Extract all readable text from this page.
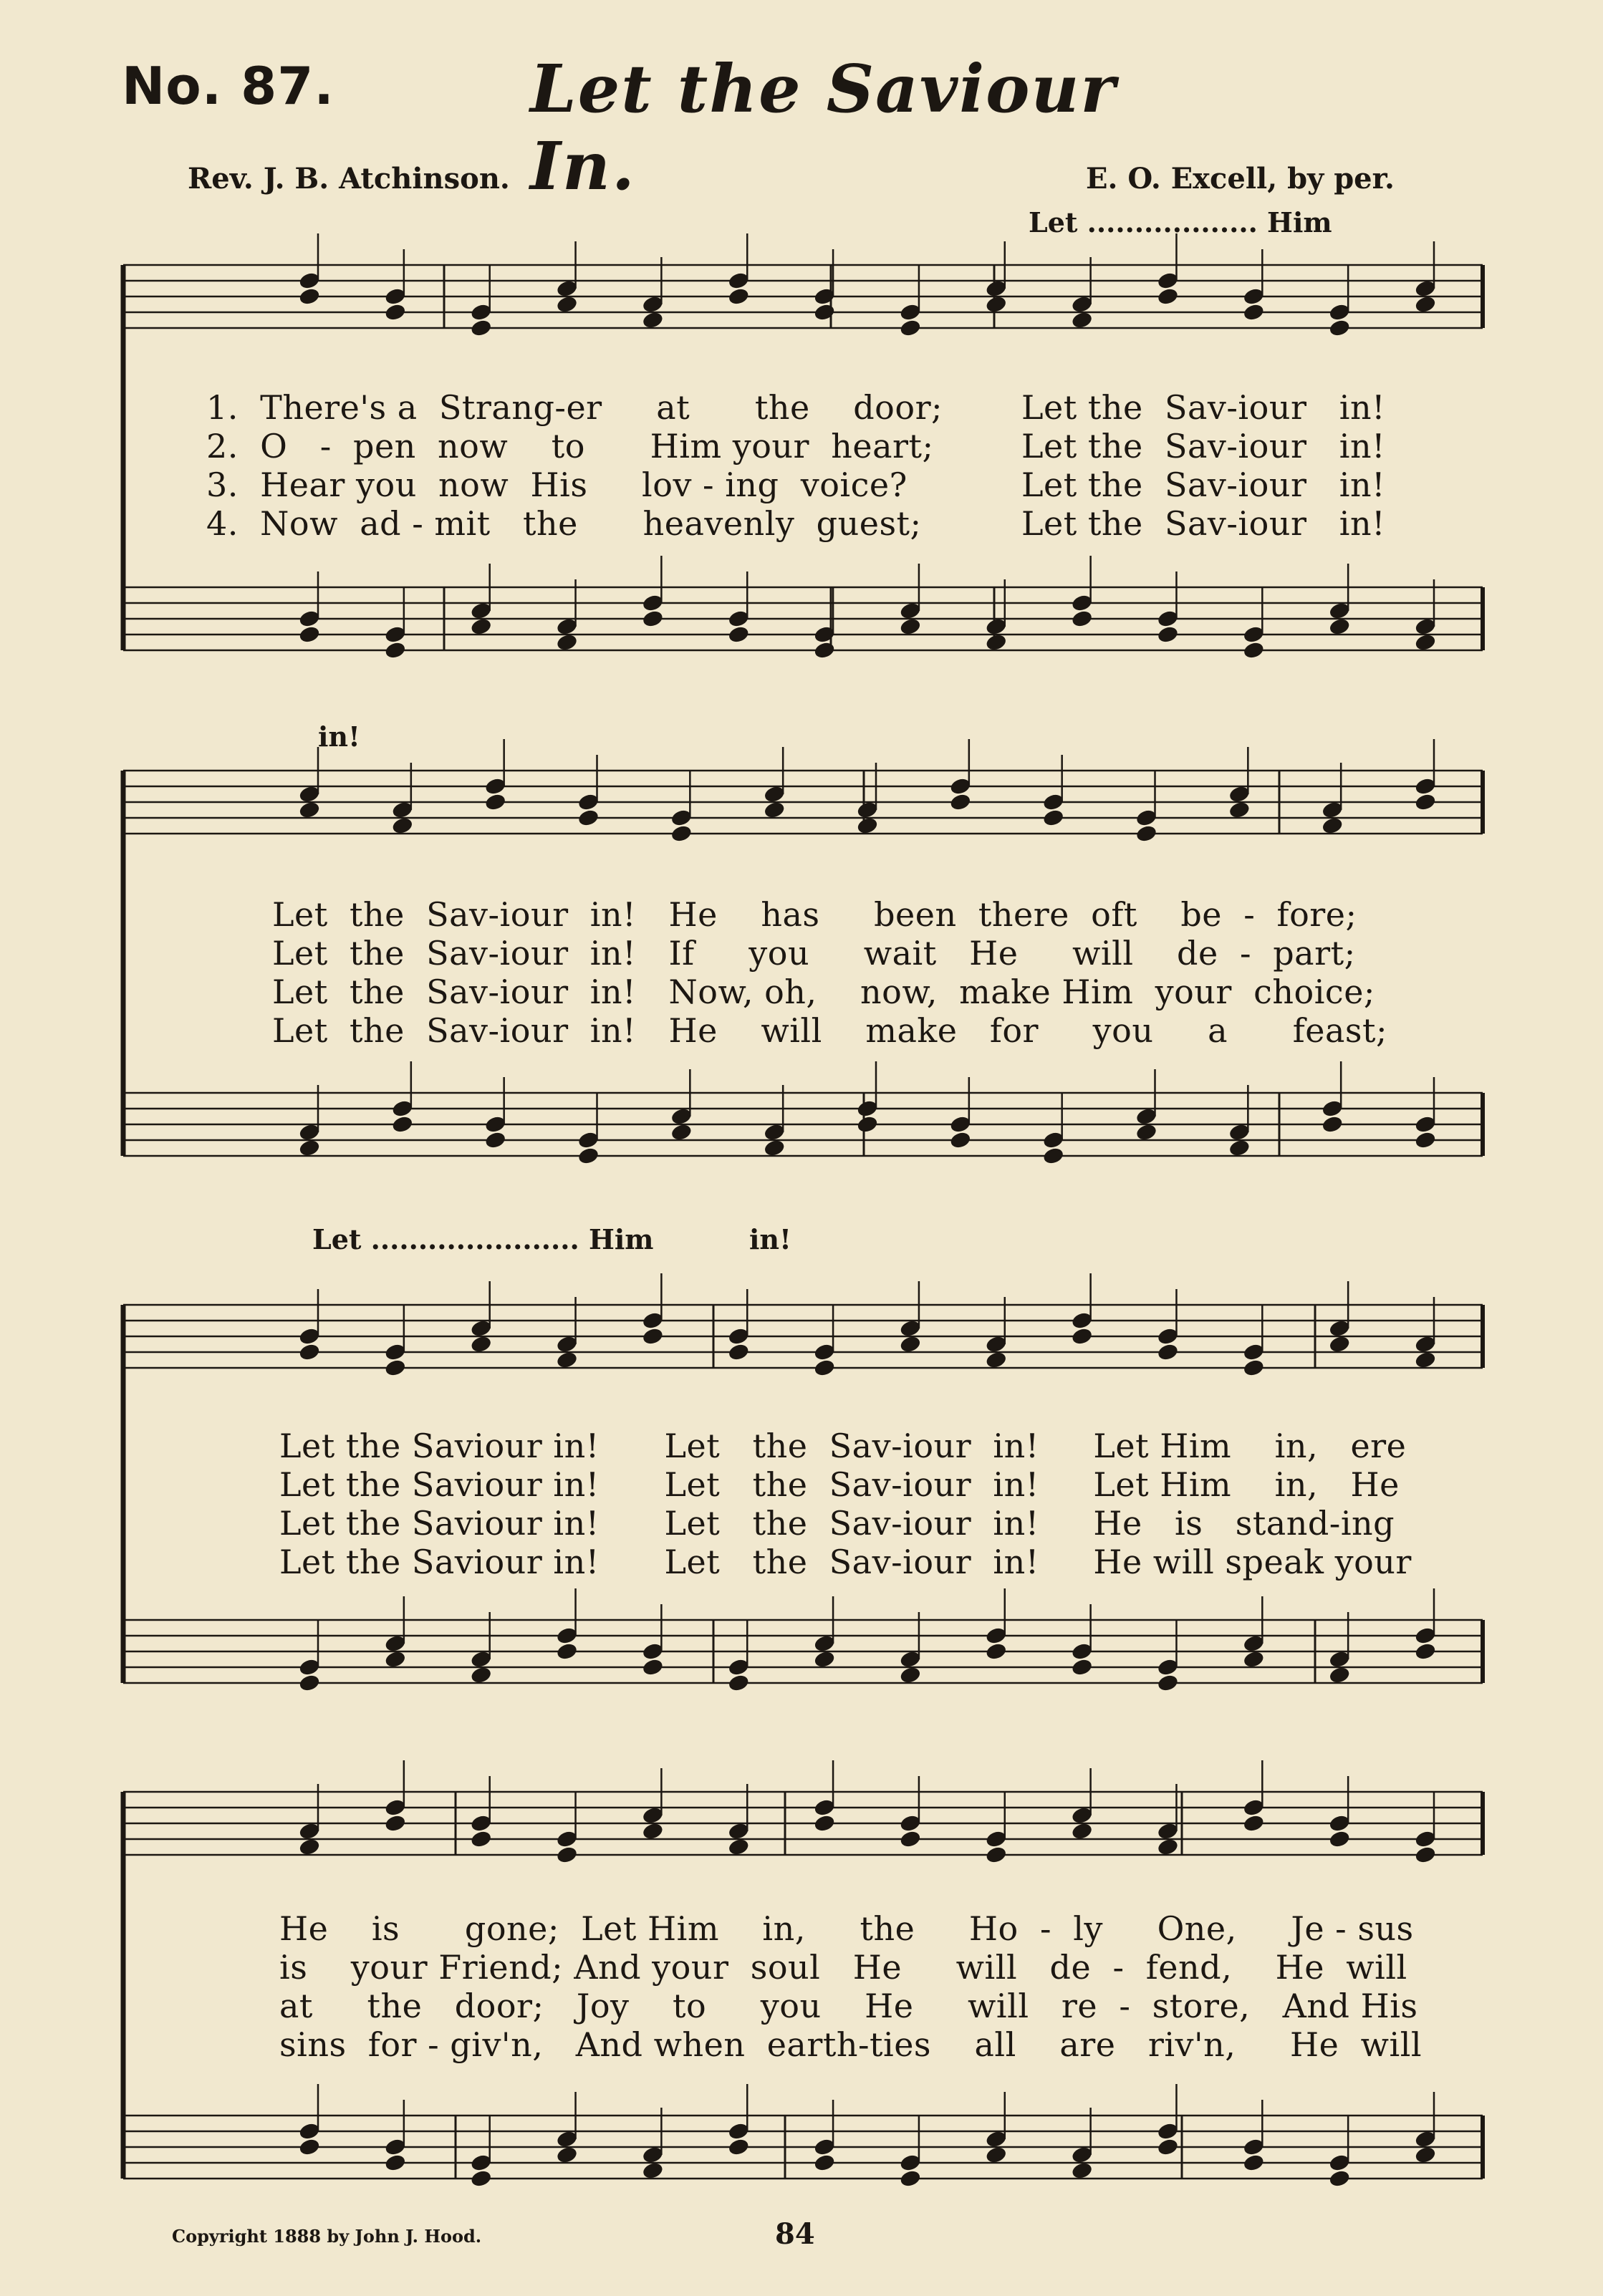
No. 87.	Let the Saviour In.
Rev. J. B. Atchinson.	E. O. Excell, by per.
Let .................. Him
in!
Let ...................... Him	in!
1.  There's a  Strang-er     at      the    door;
2.  O   -  pen  now    to      Him your  heart;
3.  Hear you  now  His     lov - ing  voice?
4.  Now  ad - mit   the      heavenly  guest;
Let the  Sav-iour   in!
Let the  Sav-iour   in!
Let the  Sav-iour   in!
Let the  Sav-iour   in!
Let  the  Sav-iour  in!   He    has     been  there  oft    be  -  fore;
Let  the  Sav-iour  in!   If     you     wait   He     will    de  -  part;
Let  the  Sav-iour  in!   Now, oh,    now,  make Him  your  choice;
Let  the  Sav-iour  in!   He    will    make   for     you     a      feast;
Let the Saviour in!      Let   the  Sav-iour  in!     Let Him    in,   ere
Let the Saviour in!      Let   the  Sav-iour  in!     Let Him    in,   He
Let the Saviour in!      Let   the  Sav-iour  in!     He   is   stand-ing
Let the Saviour in!      Let   the  Sav-iour  in!     He will speak your
He    is      gone;  Let Him    in,     the     Ho  -  ly     One,     Je - sus
is    your Friend; And your  soul   He     will   de  -  fend,    He  will
at     the   door;   Joy    to     you    He     will   re  -  store,   And His
sins  for - giv'n,   And when  earth-ties    all    are   riv'n,     He  will
Copyright 1888 by John J. Hood.	84
